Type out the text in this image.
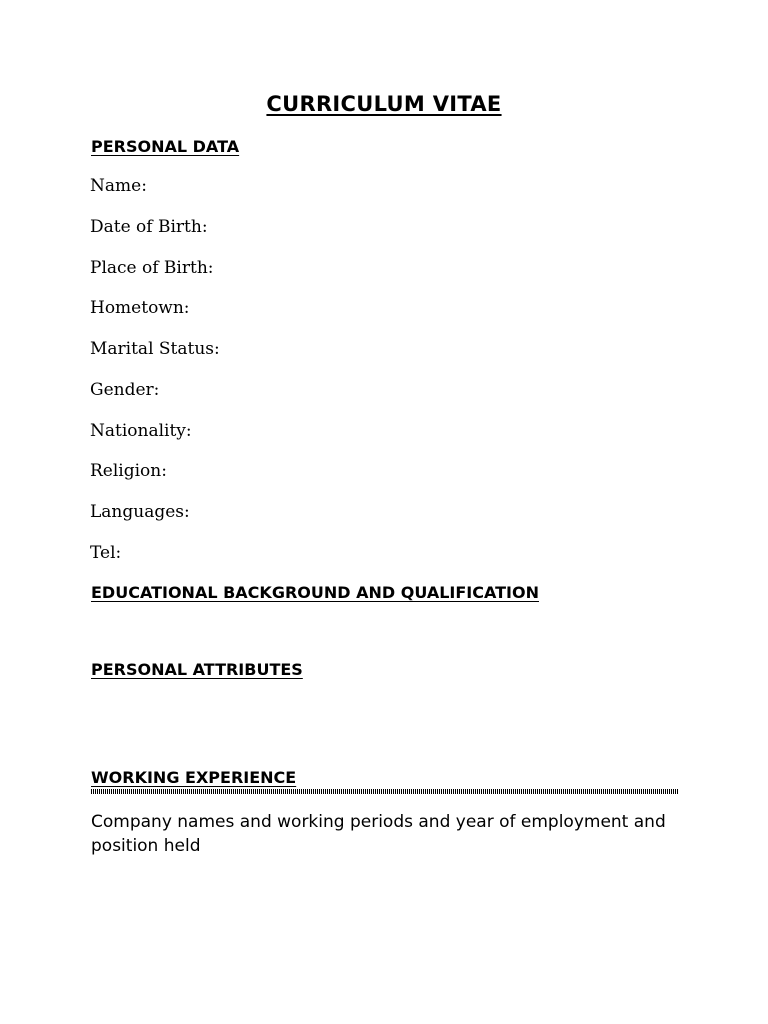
CURRICULUM VITAE
PERSONAL DATA
Name:
Date of Birth:
Place of Birth:
Hometown:
Marital Status:
Gender:
Nationality:
Religion:
Languages:
Tel:
EDUCATIONAL BACKGROUND AND QUALIFICATION
PERSONAL ATTRIBUTES
WORKING EXPERIENCE
Company names and working periods and year of employment and position held
